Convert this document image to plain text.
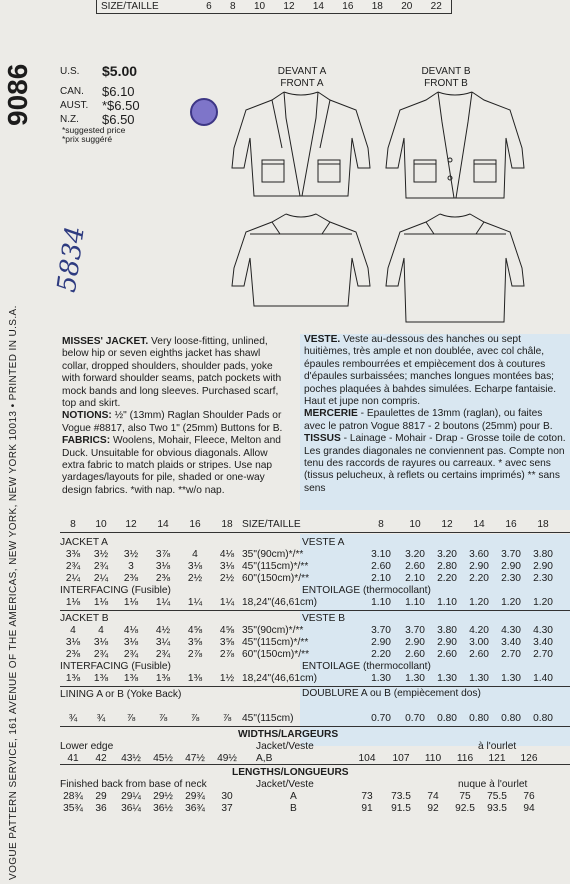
SIZE/TAILLE	6 8 10 12 14 16 18 20 22
9086
VOGUE PATTERN SERVICE, 161 AVENUE OF THE AMERICAS, NEW YORK, NEW YORK 10013 • PRINTED IN U.S.A.
U.S.	$5.00
CAN.	$6.10
AUST.	*$6.50
N.Z.	$6.50
*suggested price
*prix suggéré
5834
DEVANT A
FRONT A
DEVANT B
FRONT B
MISSES' JACKET. Very loose-fitting, unlined, below hip or seven eighths jacket has shawl collar, dropped shoulders, shoulder pads, yoke with forward shoulder seams, patch pockets with mock bands and long sleeves. Purchased scarf, top and skirt.
NOTIONS: ½" (13mm) Raglan Shoulder Pads or Vogue #8817, also Two 1" (25mm) Buttons for B.
FABRICS: Woolens, Mohair, Fleece, Melton and Duck. Unsuitable for obvious diagonals. Allow extra fabric to match plaids or stripes. Use nap yardages/layouts for pile, shaded or one-way design fabrics. *with nap. **w/o nap.
VESTE. Veste au-dessous des hanches ou sept huitièmes, très ample et non doublée, avec col châle, épaules rembourrées et empiècement dos à coutures d'épaules surbaissées; manches longues montées bas; poches plaquées à bahdes simulées. Echarpe fantaisie. Haut et jupe non compris.
MERCERIE - Epaulettes de 13mm (raglan), ou faites avec le patron Vogue 8817 - 2 boutons (25mm) pour B.
TISSUS - Lainage - Mohair - Drap - Grosse toile de coton. Les grandes diagonales ne conviennent pas. Compte non tenu des raccords de rayures ou carreaux. * avec sens (tissus pelucheux, à reflets ou certains imprimés) ** sans sens
8	10	12	14	16	18 SIZE/TAILLE	8	10	12	14	16	18
JACKET A	VESTE A
3⅜	3½	3½	3⅞	4	4⅛ 35"(90cm)*/**	3.10	3.20	3.20	3.60	3.70	3.80
2¾	2¾	3	3⅛	3⅛	3⅛ 45"(115cm)*/**	2.60	2.60	2.80	2.90	2.90	2.90
2¼	2¼	2⅜	2⅜	2½	2½ 60"(150cm)*/**	2.10	2.10	2.20	2.20	2.30	2.30
INTERFACING (Fusible)
1⅛	1⅛	1⅛	1¼	1¼	1¼ 18,24"(46,61cm)	1.10	1.10	1.10	1.20	1.20	1.20
ENTOILAGE (thermocollant)
JACKET B	VESTE B
4	4	4⅛	4½	4⅝	4⅝ 35"(90cm)*/**	3.70	3.70	3.80	4.20	4.30	4.30
3⅛	3⅛	3⅛	3¼	3⅝	3⅝ 45"(115cm)*/**	2.90	2.90	2.90	3.00	3.40	3.40
2⅜	2¾	2¾	2¾	2⅞	2⅞ 60"(150cm)*/**	2.20	2.60	2.60	2.60	2.70	2.70
INTERFACING (Fusible)
1⅜	1⅜	1⅜	1⅜	1⅜	1½ 18,24"(46,61cm)	1.30	1.30	1.30	1.30	1.30	1.40
ENTOILAGE (thermocollant)
LINING A or B (Yoke Back)	DOUBLURE A ou B (empiècement dos)
¾	¾	⅞	⅞	⅞	⅞	45"(115cm)	0.70	0.70	0.80	0.80	0.80	0.80
WIDTHS/LARGEURS
Jacket/Veste	à l'ourlet
Lower edge
41	42	43½	45½	47½	49½	A,B	104	107	110	116	121	126
LENGTHS/LONGUEURS
Finished back from base of neck	Jacket/Veste	nuque à l'ourlet
28¾	29	29¼	29½	29¾	30	A	73	73.5	74	75	75.5	76
35¾	36	36¼	36½	36¾	37	B	91	91.5	92	92.5	93.5	94
